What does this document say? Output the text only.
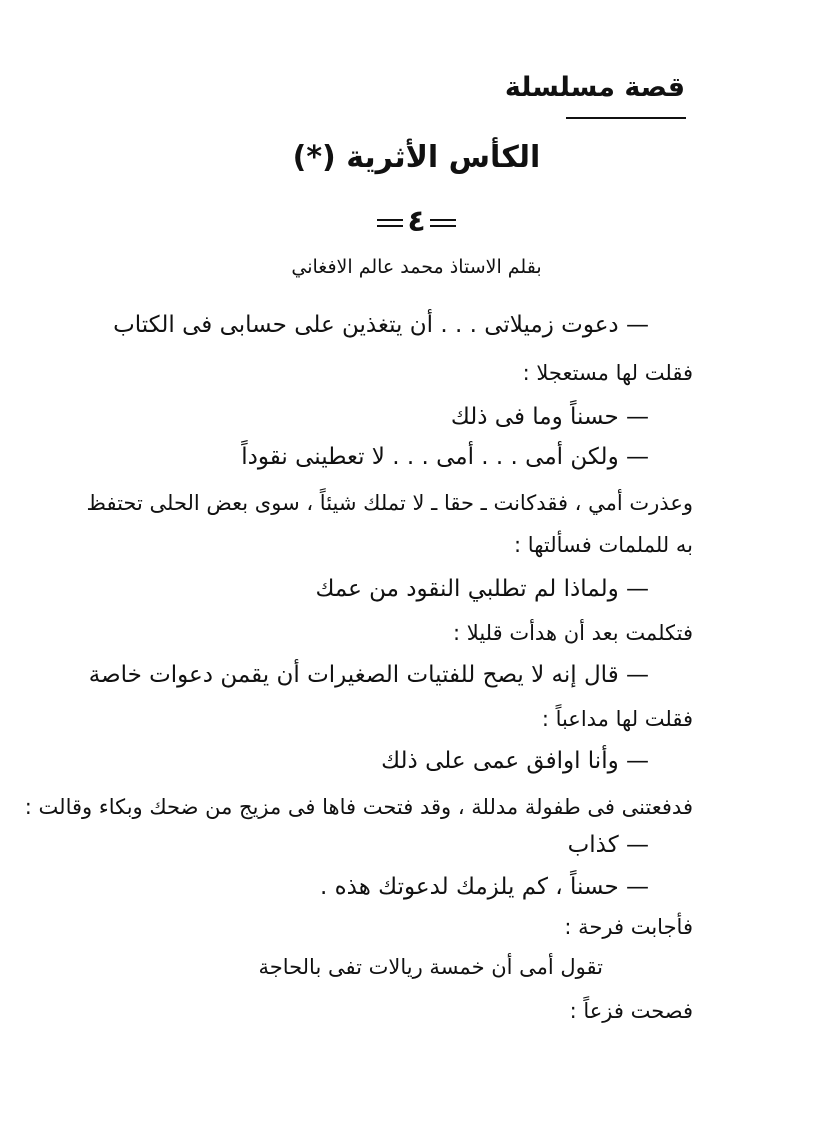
قصة مسلسلة
الكأس الأثرية (*)
٤
بقلم الاستاذ محمد عالم الافغاني
— دعوت زميلاتى . . . أن يتغذين على حسابى فى الكتاب
فقلت لها مستعجلا :
— حسناً وما فى ذلك
— ولكن أمى . . . أمى . . . لا تعطينى نقوداً
وعذرت أمي ، فقدكانت ـ حقا ـ لا تملك شيئاً ، سوى بعض الحلى تحتفظ
به للملمات فسألتها :
— ولماذا لم تطلبي النقود من عمك
فتكلمت بعد أن هدأت قليلا :
— قال إنه لا يصح للفتيات الصغيرات أن يقمن دعوات خاصة
فقلت لها مداعباً :
— وأنا اوافق عمى على ذلك
فدفعتنى فى طفولة مدللة ، وقد فتحت فاها فى مزيج من ضحك وبكاء وقالت :
— كذاب
— حسناً ، كم يلزمك لدعوتك هذه .
فأجابت فرحة :
تقول أمى أن خمسة ريالات تفى بالحاجة
فصحت فزعاً :
